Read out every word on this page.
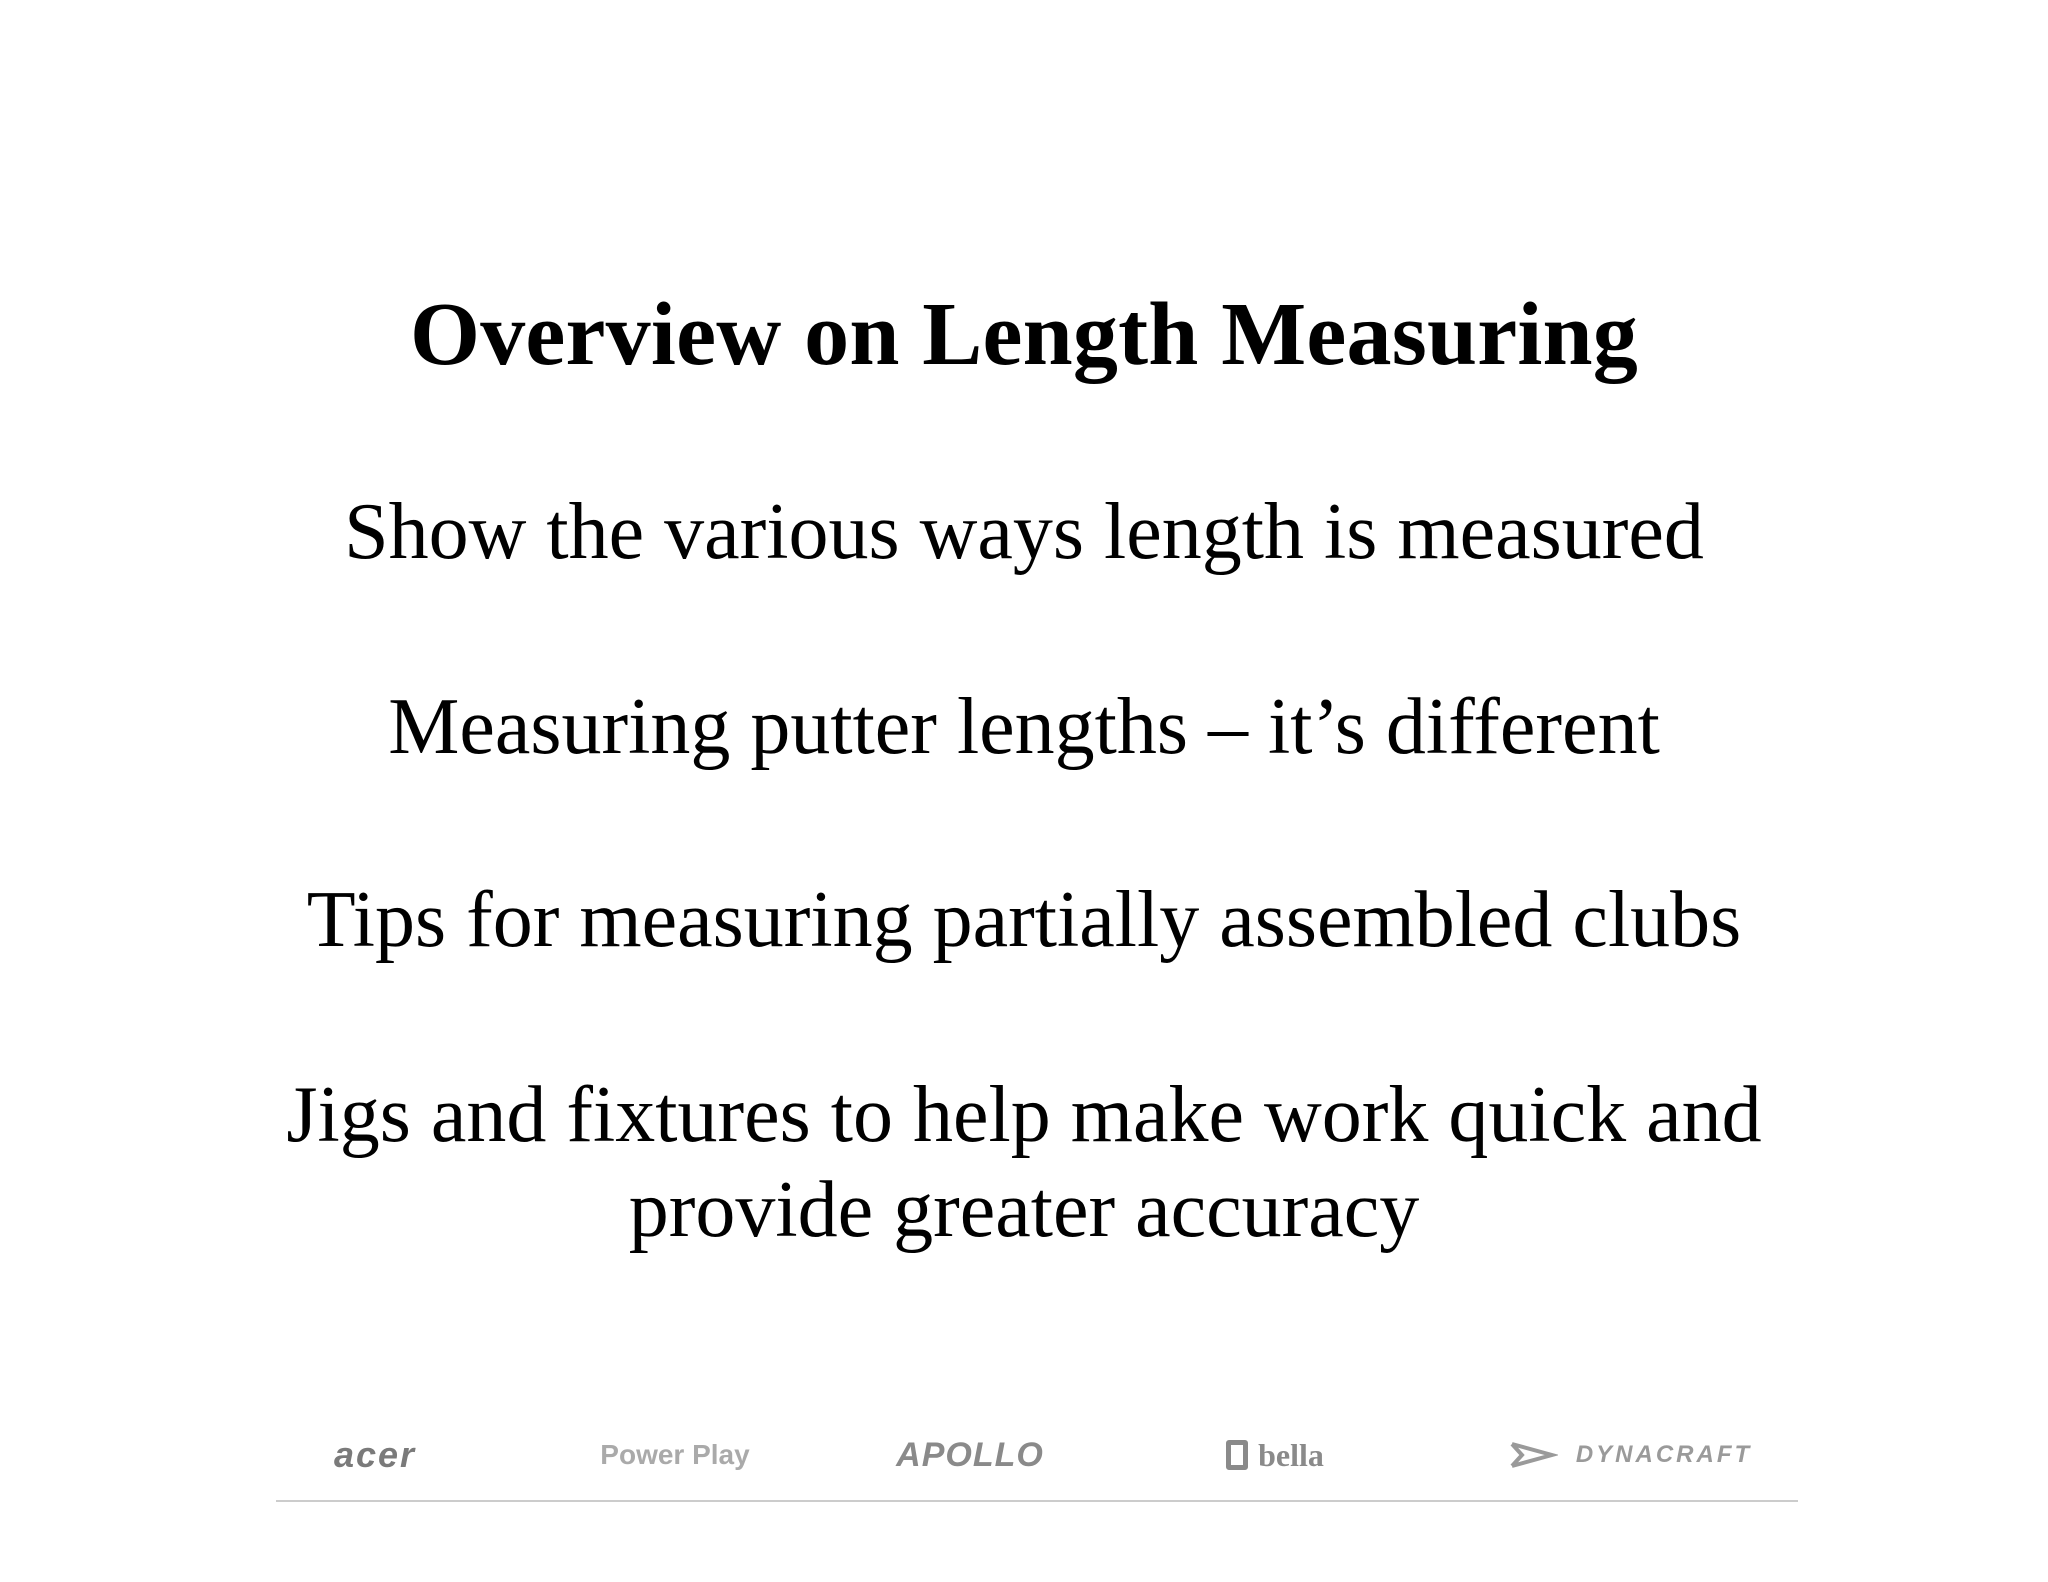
Overview on Length Measuring
Show the various ways length is measured
Measuring putter lengths – it’s different
Tips for measuring partially assembled clubs
Jigs and fixtures to help make work quick and
provide greater accuracy
acer	Power Play	APOLLO	bella	DYNACRAFT
